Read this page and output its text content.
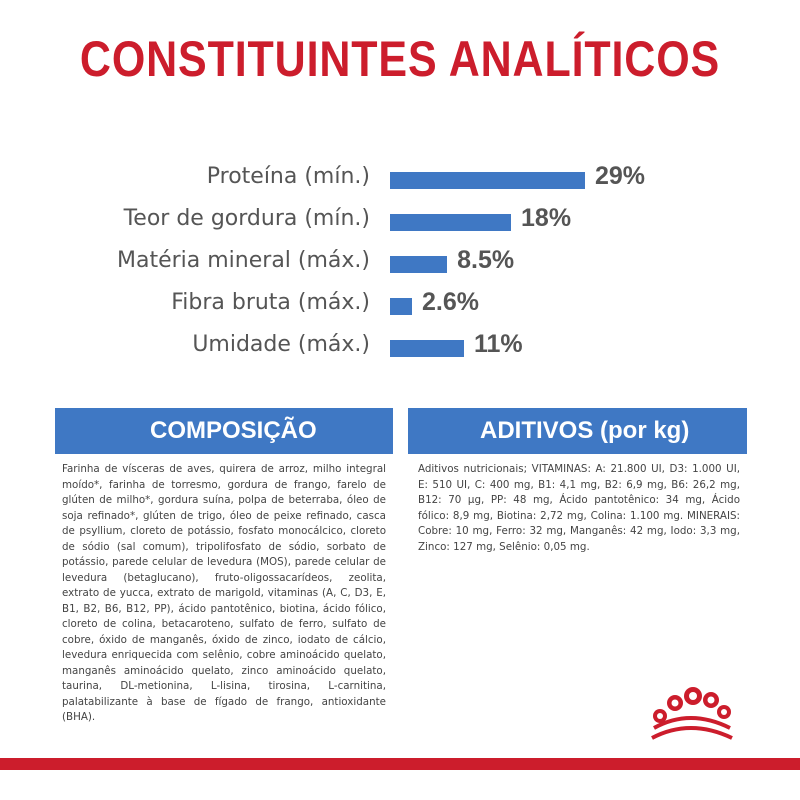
CONSTITUINTES ANALÍTICOS
Proteína (mín.)	29%
Teor de gordura (mín.)	18%
Matéria mineral (máx.)	8.5%
Fibra bruta (máx.) 2.6%
Umidade (máx.)	11%
COMPOSIÇÃO
Farinha de vísceras de aves, quirera de arroz, milho integral moído*, farinha de torresmo, gordura de frango, farelo de glúten de milho*, gordura suína, polpa de beterraba, óleo de soja refinado*, glúten de trigo, óleo de peixe refinado, casca de psyllium, cloreto de potássio, fosfato monocálcico, cloreto de sódio (sal comum), tripolifosfato de sódio, sorbato de potássio, parede celular de levedura (MOS), parede celular de levedura (betaglucano), fruto-oligossacarídeos, zeolita, extrato de yucca, extrato de marigold, vitaminas (A, C, D3, E, B1, B2, B6, B12, PP), ácido pantotênico, biotina, ácido fólico, cloreto de colina, betacaroteno, sulfato de ferro, sulfato de cobre, óxido de manganês, óxido de zinco, iodato de cálcio, levedura enriquecida com selênio, cobre aminoácido quelato, manganês aminoácido quelato, zinco aminoácido quelato, taurina, DL-metionina, L-lisina, tirosina, L-carnitina, palatabilizante à base de fígado de frango, antioxidante (BHA).
ADITIVOS (por kg)
Aditivos nutricionais; VITAMINAS: A: 21.800 UI, D3: 1.000 UI, E: 510 UI, C: 400 mg, B1: 4,1 mg, B2: 6,9 mg, B6: 26,2 mg, B12: 70 µg, PP: 48 mg, Ácido pantotênico: 34 mg, Ácido fólico: 8,9 mg, Biotina: 2,72 mg, Colina: 1.100 mg. MINERAIS: Cobre: 10 mg, Ferro: 32 mg, Manganês: 42 mg, Iodo: 3,3 mg, Zinco: 127 mg, Selênio: 0,05 mg.
